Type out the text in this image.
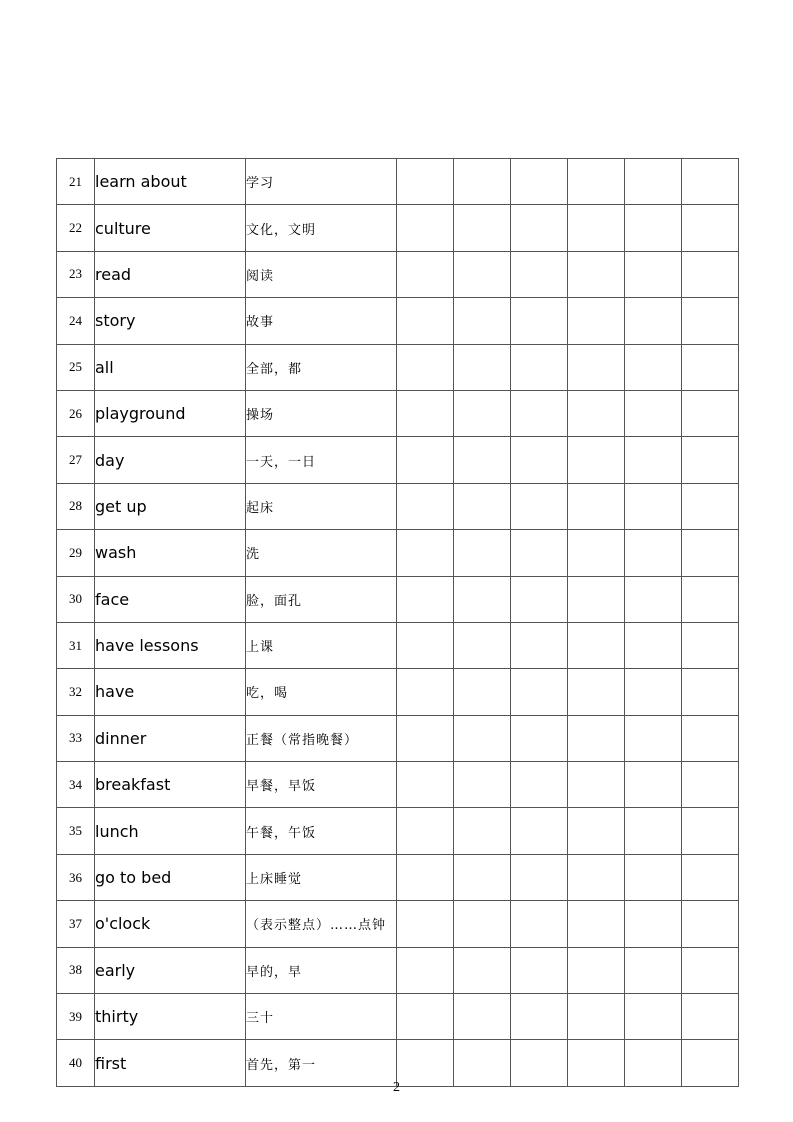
21	learn about	学习						
22	culture	文化，文明						
23	read	阅读						
24	story	故事						
25	all	全部，都						
26	playground	操场						
27	day	一天，一日						
28	get up	起床						
29	wash	洗						
30	face	脸，面孔						
31	have lessons	上课						
32	have	吃，喝						
33	dinner	正餐（常指晚餐）						
34	breakfast	早餐，早饭						
35	lunch	午餐，午饭						
36	go to bed	上床睡觉						
37	o'clock	（表示整点）……点钟						
38	early	早的，早						
39	thirty	三十						
40	first	首先，第一						
2
